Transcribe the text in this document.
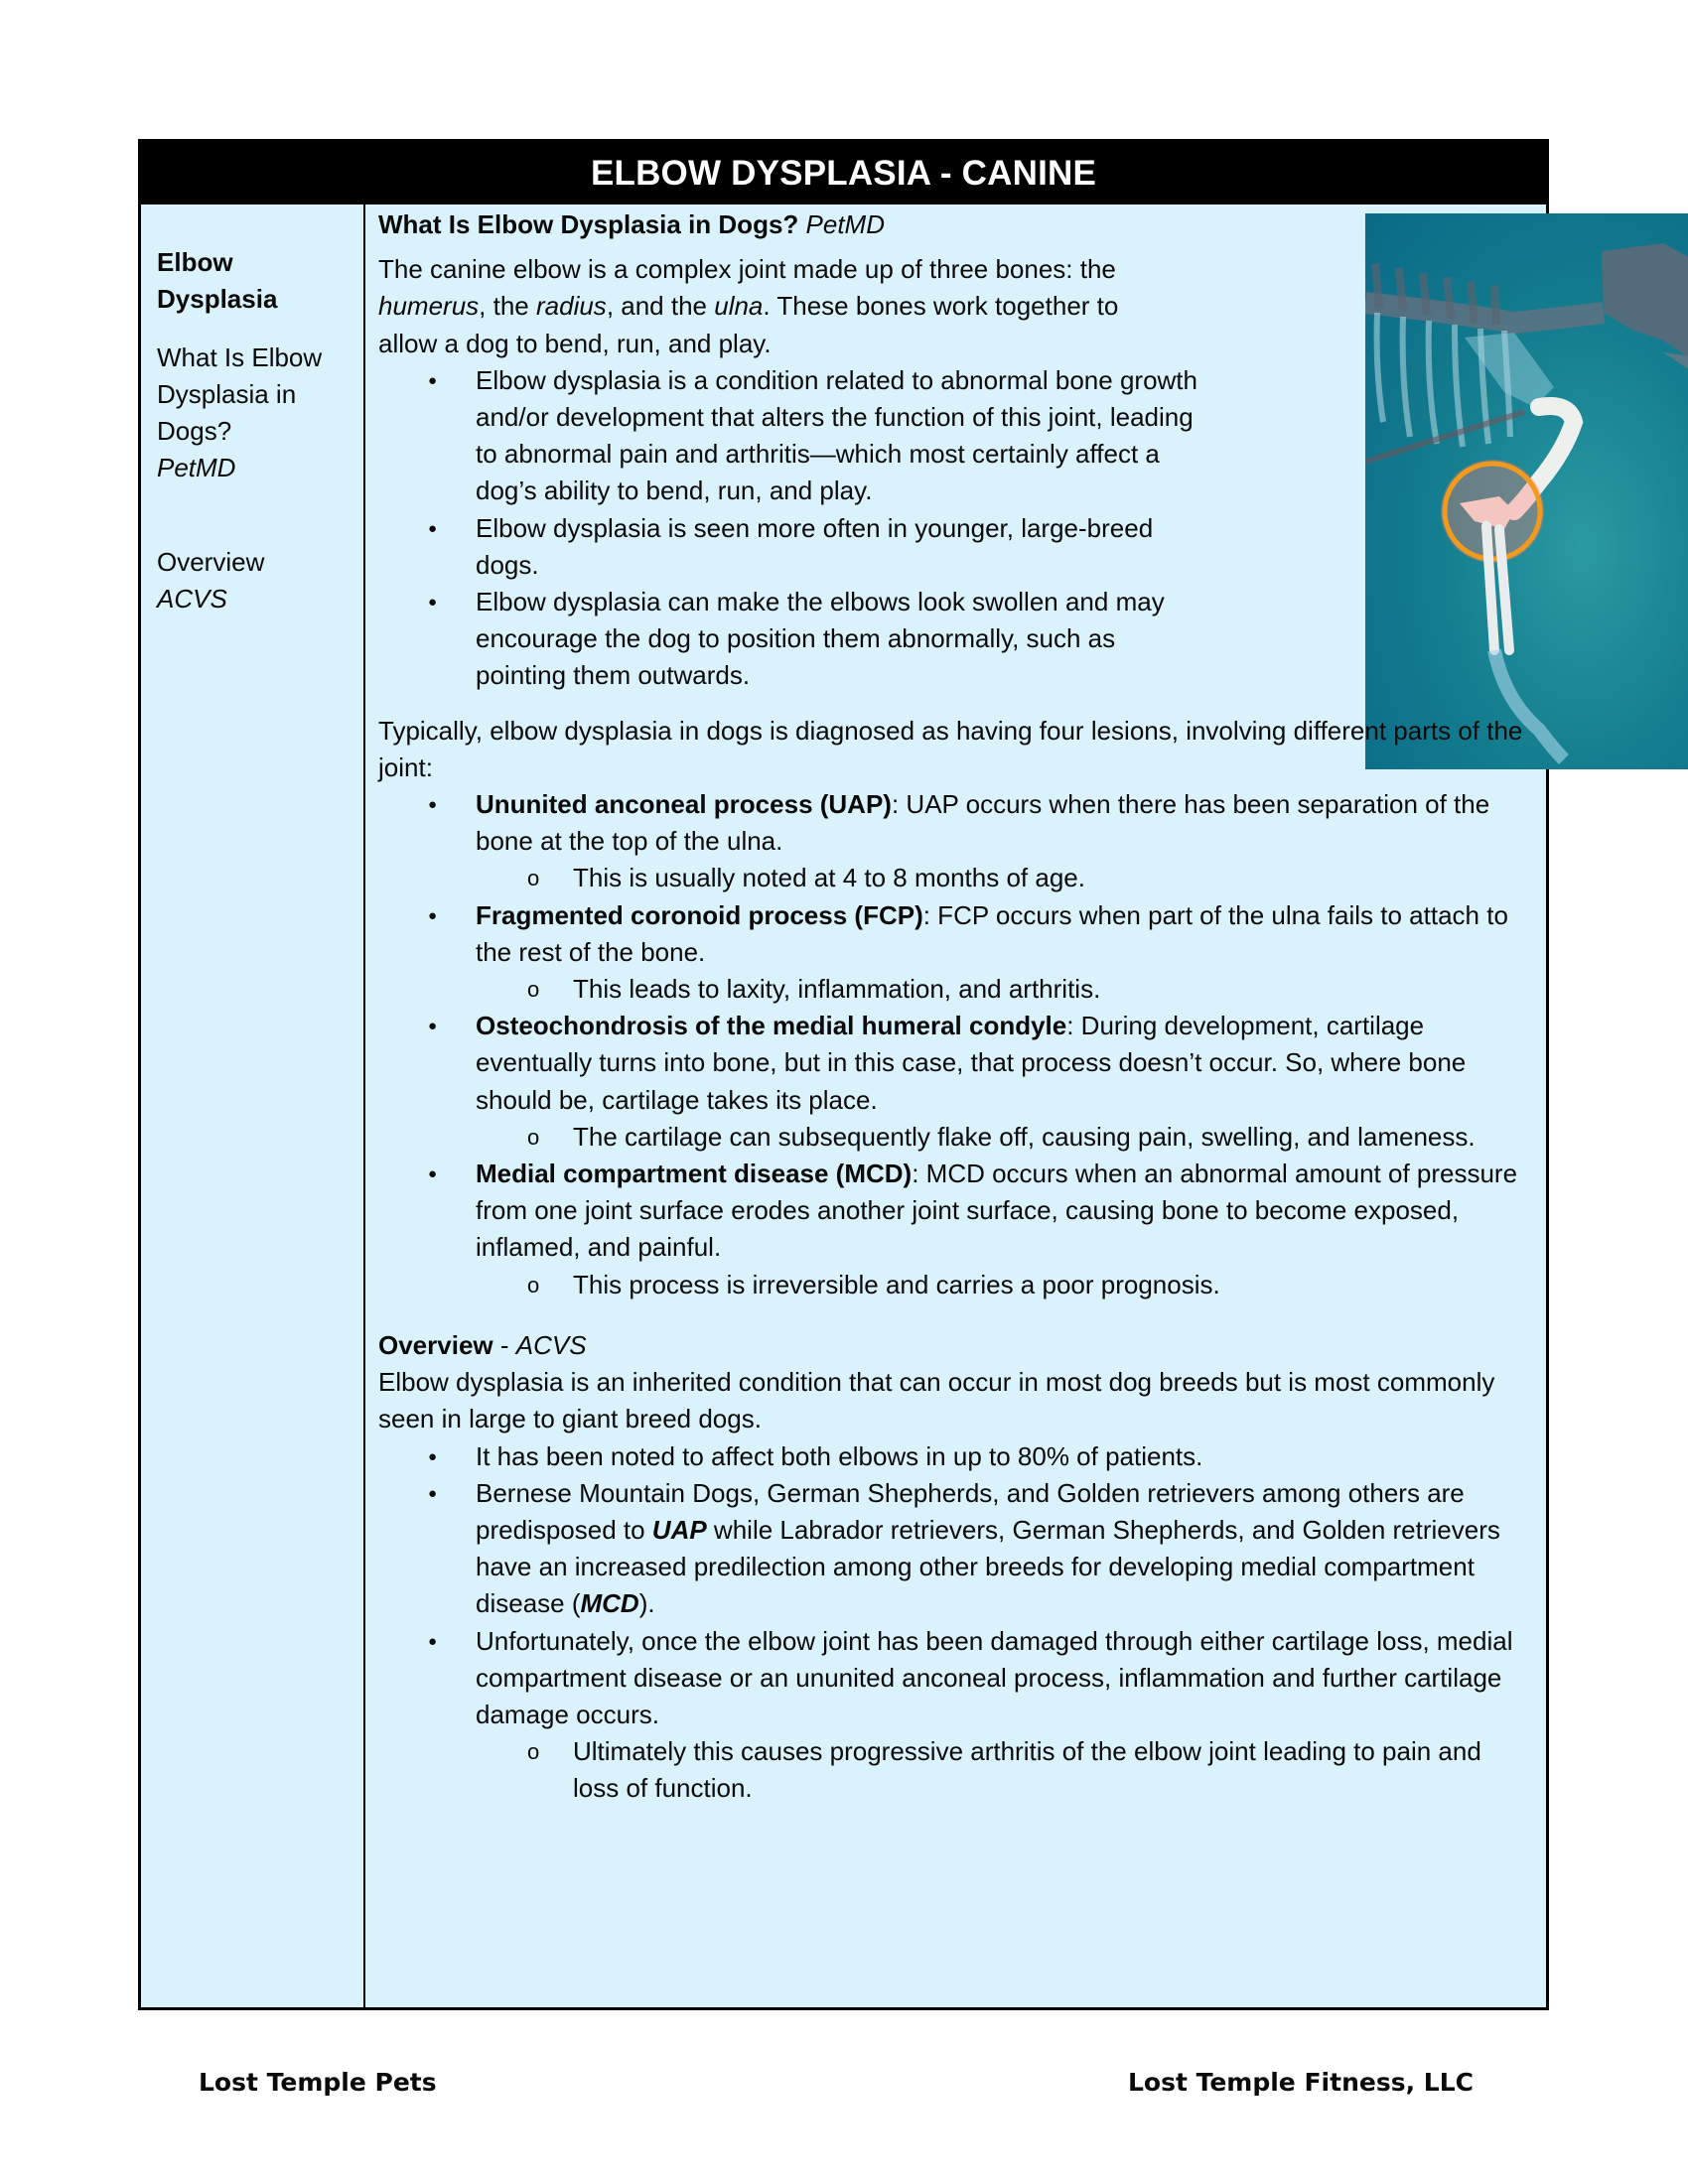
ELBOW DYSPLASIA - CANINE
Elbow Dysplasia
What Is Elbow Dysplasia in Dogs?
PetMD
Overview
ACVS

What Is Elbow Dysplasia in Dogs? PetMD

The canine elbow is a complex joint made up of three bones: the humerus, the radius, and the ulna. These bones work together to allow a dog to bend, run, and play.

● Elbow dysplasia is a condition related to abnormal bone growth and/or development that alters the function of this joint, leading to abnormal pain and arthritis—which most certainly affect a dog’s ability to bend, run, and play.
● Elbow dysplasia is seen more often in younger, large-breed dogs.
● Elbow dysplasia can make the elbows look swollen and may encourage the dog to position them abnormally, such as pointing them outwards.

Typically, elbow dysplasia in dogs is diagnosed as having four lesions, involving different parts of the joint:

● Ununited anconeal process (UAP): UAP occurs when there has been separation of the bone at the top of the ulna.
o This is usually noted at 4 to 8 months of age.
● Fragmented coronoid process (FCP): FCP occurs when part of the ulna fails to attach to the rest of the bone.
o This leads to laxity, inflammation, and arthritis.
● Osteochondrosis of the medial humeral condyle: During development, cartilage eventually turns into bone, but in this case, that process doesn’t occur. So, where bone should be, cartilage takes its place.
o The cartilage can subsequently flake off, causing pain, swelling, and lameness.
● Medial compartment disease (MCD): MCD occurs when an abnormal amount of pressure from one joint surface erodes another joint surface, causing bone to become exposed, inflamed, and painful.
o This process is irreversible and carries a poor prognosis.

Overview - ACVS

Elbow dysplasia is an inherited condition that can occur in most dog breeds but is most commonly seen in large to giant breed dogs.

● It has been noted to affect both elbows in up to 80% of patients.
● Bernese Mountain Dogs, German Shepherds, and Golden retrievers among others are predisposed to UAP while Labrador retrievers, German Shepherds, and Golden retrievers have an increased predilection among other breeds for developing medial compartment disease (MCD).
● Unfortunately, once the elbow joint has been damaged through either cartilage loss, medial compartment disease or an ununited anconeal process, inflammation and further cartilage damage occurs.
o Ultimately this causes progressive arthritis of the elbow joint leading to pain and loss of function.
Lost Temple Pets	Lost Temple Fitness, LLC
